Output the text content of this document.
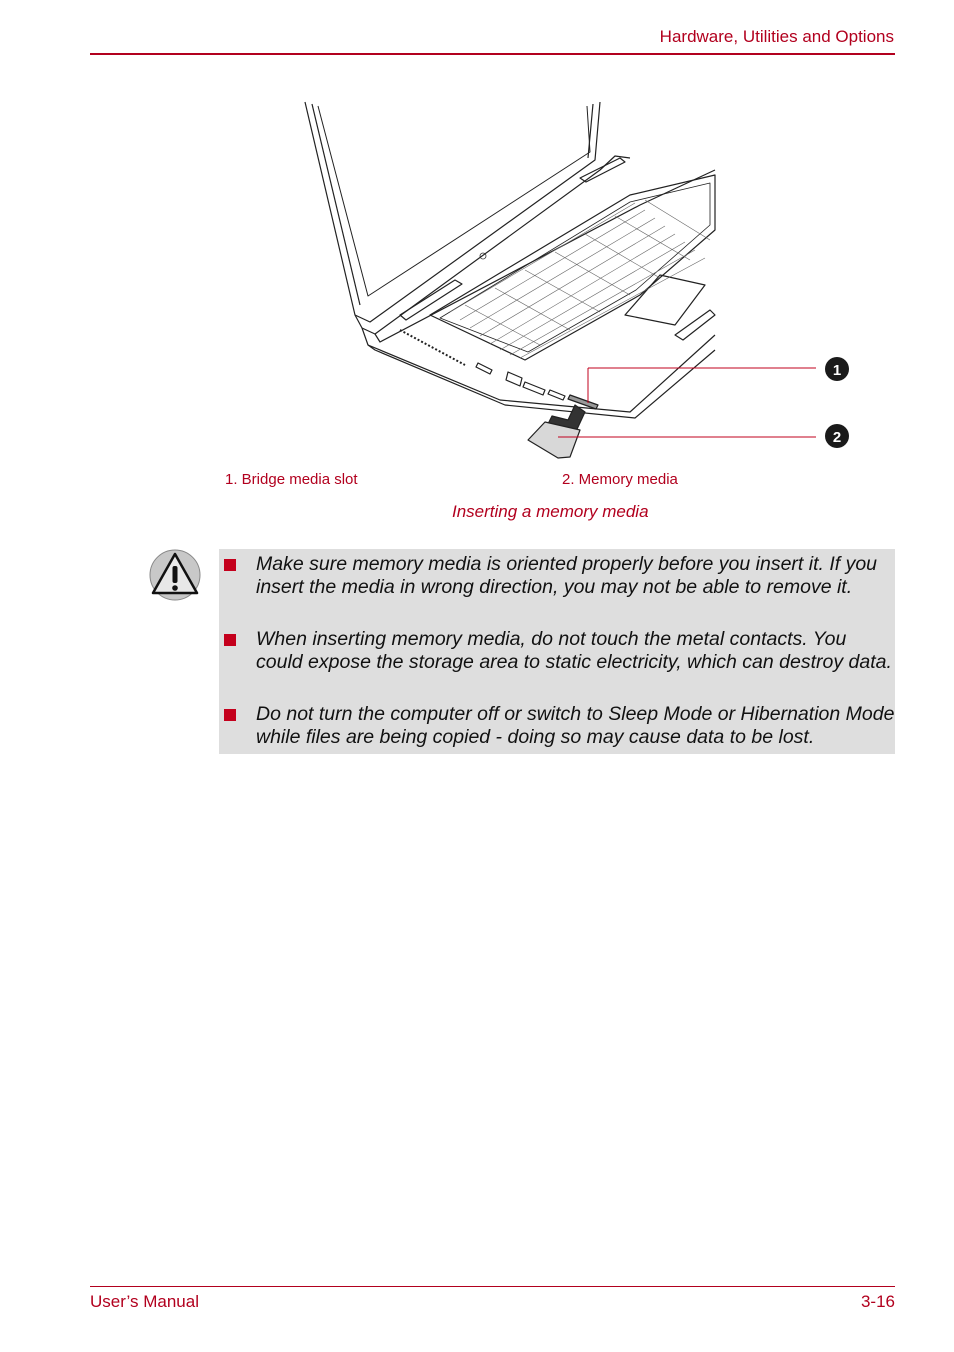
Hardware, Utilities and Options
1
2
1. Bridge media slot	2. Memory media
Inserting a memory media
Make sure memory media is oriented properly before you insert it. If you insert the media in wrong direction, you may not be able to remove it.
When inserting memory media, do not touch the metal contacts. You could expose the storage area to static electricity, which can destroy data.
Do not turn the computer off or switch to Sleep Mode or Hibernation Mode while files are being copied - doing so may cause data to be lost.
User’s Manual	3-16
